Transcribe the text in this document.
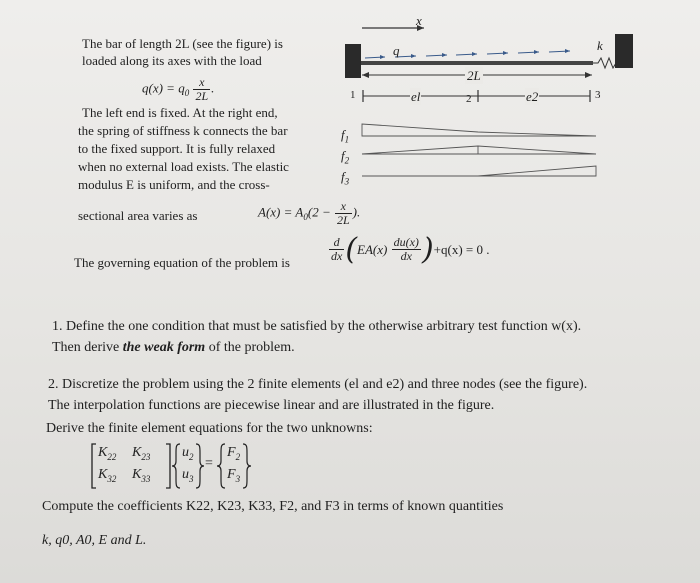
The bar of length 2L (see the figure) is
loaded along its axes with the load
$q(x) = q_0 \frac{x}{2L}$ .
The left end is fixed. At the right end,
the spring of stiffness k connects the bar
to the fixed support. It is fully relaxed
when no external load exists. The elastic
modulus E is uniform, and the cross-
sectional area varies as	$A(x) = A_0(2 - \frac{x}{2L}$ ).
The governing equation of the problem is	$\frac{d}{dx} (EA(x) \frac{du(x)}{dx} )+q(x) = 0$ .
x
q	k
2L
1	2	3
el	e2
$f_1$
$f_2$
$f_3$
1. Define the one condition that must be satisfied by the otherwise arbitrary test function w(x).
Then derive the weak form of the problem.
2. Discretize the problem using the 2 finite elements (el and e2) and three nodes (see the figure).
The interpolation functions are piecewise linear and are illustrated in the figure.
Derive the finite element equations for the two unknowns:
$K_{22}$ $K_{23}$
$K_{32}$ $K_{33}$
$u_2$
$u_3$
=
$F_2$
$F_3$
Compute the coefficients K22, K23, K33, F2, and F3 in terms of known quantities
k, q0, A0, E and L.
